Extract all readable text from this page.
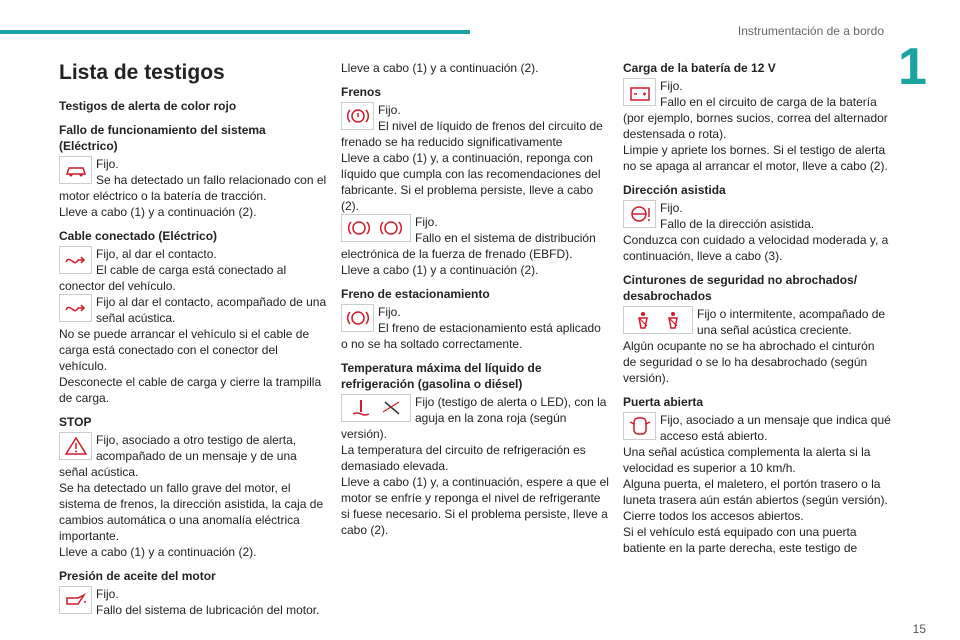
Instrumentación de a bordo
1
Lista de testigos
Testigos de alerta de color rojo
Fallo de funcionamiento del sistema (Eléctrico)

Fijo.
Se ha detectado un fallo relacionado con el motor eléctrico o la batería de tracción.
Lleve a cabo (1) y a continuación (2).

Cable conectado (Eléctrico)

Fijo, al dar el contacto.
El cable de carga está conectado al conector del vehículo.

Fijo al dar el contacto, acompañado de una señal acústica.
No se puede arrancar el vehículo si el cable de carga está conectado con el conector del vehículo.
Desconecte el cable de carga y cierre la trampilla de carga.

STOP

Fijo, asociado a otro testigo de alerta, acompañado de un mensaje y de una señal acústica.
Se ha detectado un fallo grave del motor, el sistema de frenos, la dirección asistida, la caja de cambios automática o una anomalía eléctrica importante.
Lleve a cabo (1) y a continuación (2).

Presión de aceite del motor

Fijo.
Fallo del sistema de lubricación del motor.

Lleve a cabo (1) y a continuación (2).

Frenos

Fijo.
El nivel de líquido de frenos del circuito de frenado se ha reducido significativamente
Lleve a cabo (1) y, a continuación, reponga con líquido que cumpla con las recomendaciones del fabricante. Si el problema persiste, lleve a cabo (2).

Fijo.
Fallo en el sistema de distribución electrónica de la fuerza de frenado (EBFD).
Lleve a cabo (1) y a continuación (2).

Freno de estacionamiento

Fijo.
El freno de estacionamiento está aplicado o no se ha soltado correctamente.

Temperatura máxima del líquido de refrigeración (gasolina o diésel)

Fijo (testigo de alerta o LED), con la aguja en la zona roja (según versión).
La temperatura del circuito de refrigeración es demasiado elevada.
Lleve a cabo (1) y, a continuación, espere a que el motor se enfríe y reponga el nivel de refrigerante si fuese necesario. Si el problema persiste, lleve a cabo (2).

Carga de la batería de 12 V

Fijo.
Fallo en el circuito de carga de la batería (por ejemplo, bornes sucios, correa del alternador destensada o rota).
Limpie y apriete los bornes. Si el testigo de alerta no se apaga al arrancar el motor, lleve a cabo (2).

Dirección asistida

Fijo.
Fallo de la dirección asistida.
Conduzca con cuidado a velocidad moderada y, a continuación, lleve a cabo (3).

Cinturones de seguridad no abrochados/ desabrochados

Fijo o intermitente, acompañado de una señal acústica creciente.
Algún ocupante no se ha abrochado el cinturón de seguridad o se lo ha desabrochado (según versión).

Puerta abierta

Fijo, asociado a un mensaje que indica qué acceso está abierto.
Una señal acústica complementa la alerta si la velocidad es superior a 10 km/h.
Alguna puerta, el maletero, el portón trasero o la luneta trasera aún están abiertos (según versión).
Cierre todos los accesos abiertos.
Si el vehículo está equipado con una puerta batiente en la parte derecha, este testigo de

15
